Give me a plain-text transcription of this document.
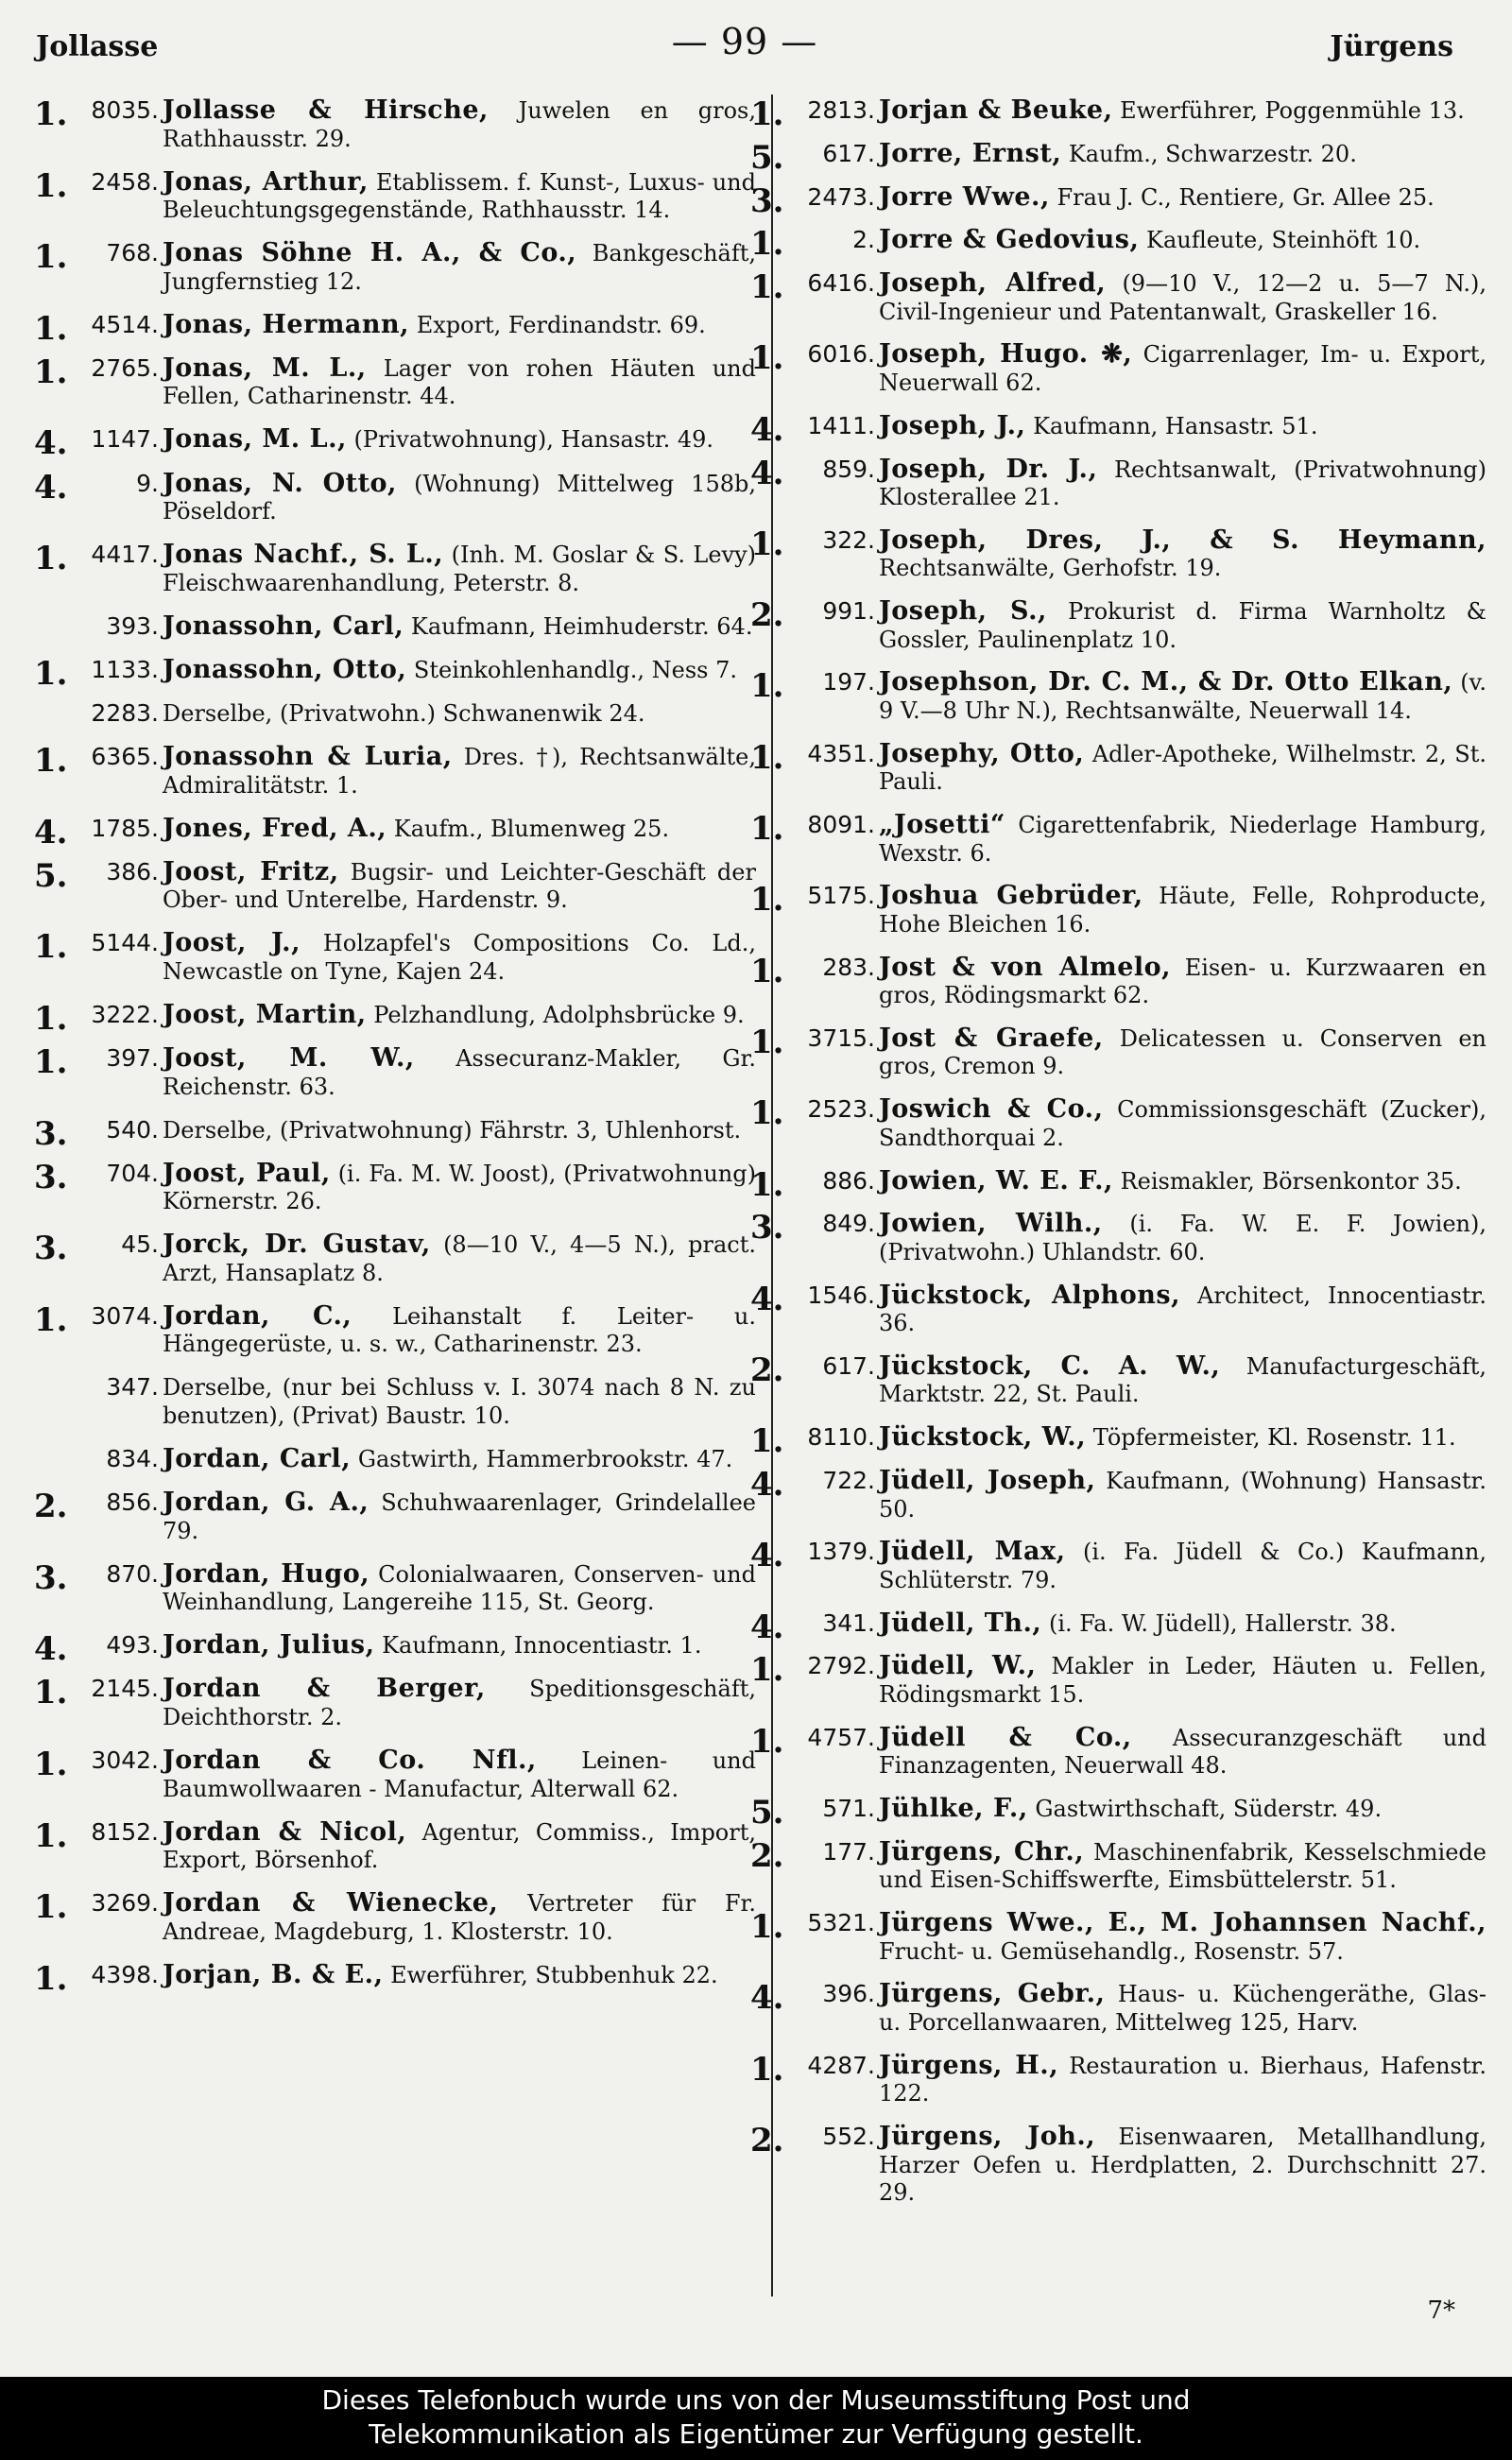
Jollasse	— 99 —	Jürgens
1. 8035. Jollasse & Hirsche, Juwelen en gros, Rathhausstr. 29.
1. 2458. Jonas, Arthur, Etablissem. f. Kunst-, Luxus- und Beleuchtungsgegenstände, Rathhausstr. 14.
1.	768. Jonas Söhne H. A., & Co., Bankgeschäft, Jungfernstieg 12.
1. 4514. Jonas, Hermann, Export, Ferdinandstr. 69.
1. 2765. Jonas, M. L., Lager von rohen Häuten und Fellen, Catharinenstr. 44.
4. 1147. Jonas, M. L., (Privatwohnung), Hansastr. 49.
4.	9. Jonas, N. Otto, (Wohnung) Mittelweg 158b, Pöseldorf.
1. 4417. Jonas Nachf., S. L., (Inh. M. Goslar & S. Levy) Fleischwaarenhandlung, Peterstr. 8.
393. Jonassohn, Carl, Kaufmann, Heimhuderstr. 64.
1. 1133. Jonassohn, Otto, Steinkohlenhandlg., Ness 7.
2283. Derselbe, (Privatwohn.) Schwanenwik 24.
1. 6365. Jonassohn & Luria, Dres. †), Rechtsanwälte, Admiralitätstr. 1.
4. 1785. Jones, Fred, A., Kaufm., Blumenweg 25.
5.	386. Joost, Fritz, Bugsir- und Leichter-Geschäft der Ober- und Unterelbe, Hardenstr. 9.
1. 5144. Joost, J., Holzapfel's Compositions Co. Ld., Newcastle on Tyne, Kajen 24.
1. 3222. Joost, Martin, Pelzhandlung, Adolphsbrücke 9.
1.	397. Joost, M. W., Assecuranz-Makler, Gr. Reichenstr. 63.
3.	540. Derselbe, (Privatwohnung) Fährstr. 3, Uhlenhorst.
3.	704. Joost, Paul, (i. Fa. M. W. Joost), (Privatwohnung) Körnerstr. 26.
3.	45. Jorck, Dr. Gustav, (8—10 V., 4—5 N.), pract. Arzt, Hansaplatz 8.
1. 3074. Jordan, C., Leihanstalt f. Leiter- u. Hängegerüste, u. s. w., Catharinenstr. 23.
347. Derselbe, (nur bei Schluss v. I. 3074 nach 8 N. zu benutzen), (Privat) Baustr. 10.
834. Jordan, Carl, Gastwirth, Hammerbrookstr. 47.
2.	856. Jordan, G. A., Schuhwaarenlager, Grindelallee 79.
3.	870. Jordan, Hugo, Colonialwaaren, Conserven- und Weinhandlung, Langereihe 115, St. Georg.
4.	493. Jordan, Julius, Kaufmann, Innocentiastr. 1.
1. 2145. Jordan & Berger, Speditionsgeschäft, Deichthorstr. 2.
1. 3042. Jordan & Co. Nfl., Leinen- und Baumwollwaaren - Manufactur, Alterwall 62.
1. 8152. Jordan & Nicol, Agentur, Commiss., Import, Export, Börsenhof.
1. 3269. Jordan & Wienecke, Vertreter für Fr. Andreae, Magdeburg, 1. Klosterstr. 10.
1. 4398. Jorjan, B. & E., Ewerführer, Stubbenhuk 22.
1. 2813. Jorjan & Beuke, Ewerführer, Poggenmühle 13.
5.	617. Jorre, Ernst, Kaufm., Schwarzestr. 20.
3. 2473. Jorre Wwe., Frau J. C., Rentiere, Gr. Allee 25.
1.	2. Jorre & Gedovius, Kaufleute, Steinhöft 10.
1. 6416. Joseph, Alfred, (9—10 V., 12—2 u. 5—7 N.), Civil-Ingenieur und Patentanwalt, Graskeller 16.
1. 6016. Joseph, Hugo. ❋, Cigarrenlager, Im- u. Export, Neuerwall 62.
4. 1411. Joseph, J., Kaufmann, Hansastr. 51.
4.	859. Joseph, Dr. J., Rechtsanwalt, (Privatwohnung) Klosterallee 21.
1.	322. Joseph, Dres, J., & S. Heymann, Rechtsanwälte, Gerhofstr. 19.
2.	991. Joseph, S., Prokurist d. Firma Warnholtz & Gossler, Paulinenplatz 10.
1.	197. Josephson, Dr. C. M., & Dr. Otto Elkan, (v. 9 V.—8 Uhr N.), Rechtsanwälte, Neuerwall 14.
1. 4351. Josephy, Otto, Adler-Apotheke, Wilhelmstr. 2, St. Pauli.
1. 8091. „Josetti“ Cigarettenfabrik, Niederlage Hamburg, Wexstr. 6.
1. 5175. Joshua Gebrüder, Häute, Felle, Rohproducte, Hohe Bleichen 16.
1.	283. Jost & von Almelo, Eisen- u. Kurzwaaren en gros, Rödingsmarkt 62.
1. 3715. Jost & Graefe, Delicatessen u. Conserven en gros, Cremon 9.
1. 2523. Joswich & Co., Commissionsgeschäft (Zucker), Sandthorquai 2.
1.	886. Jowien, W. E. F., Reismakler, Börsenkontor 35.
3.	849. Jowien, Wilh., (i. Fa. W. E. F. Jowien), (Privatwohn.) Uhlandstr. 60.
4. 1546. Jückstock, Alphons, Architect, Innocentiastr. 36.
2.	617. Jückstock, C. A. W., Manufacturgeschäft, Marktstr. 22, St. Pauli.
1. 8110. Jückstock, W., Töpfermeister, Kl. Rosenstr. 11.
4.	722. Jüdell, Joseph, Kaufmann, (Wohnung) Hansastr. 50.
4. 1379. Jüdell, Max, (i. Fa. Jüdell & Co.) Kaufmann, Schlüterstr. 79.
4.	341. Jüdell, Th., (i. Fa. W. Jüdell), Hallerstr. 38.
1. 2792. Jüdell, W., Makler in Leder, Häuten u. Fellen, Rödingsmarkt 15.
1. 4757. Jüdell & Co., Assecuranzgeschäft und Finanzagenten, Neuerwall 48.
5.	571. Jühlke, F., Gastwirthschaft, Süderstr. 49.
2.	177. Jürgens, Chr., Maschinenfabrik, Kesselschmiede und Eisen-Schiffswerfte, Eimsbüttelerstr. 51.
1. 5321. Jürgens Wwe., E., M. Johannsen Nachf., Frucht- u. Gemüsehandlg., Rosenstr. 57.
4.	396. Jürgens, Gebr., Haus- u. Küchengeräthe, Glas- u. Porcellanwaaren, Mittelweg 125, Harv.
1. 4287. Jürgens, H., Restauration u. Bierhaus, Hafenstr. 122.
2.	552. Jürgens, Joh., Eisenwaaren, Metallhandlung, Harzer Oefen u. Herdplatten, 2. Durchschnitt 27. 29.
7*
Dieses Telefonbuch wurde uns von der Museumsstiftung Post und
Telekommunikation als Eigentümer zur Verfügung gestellt.
